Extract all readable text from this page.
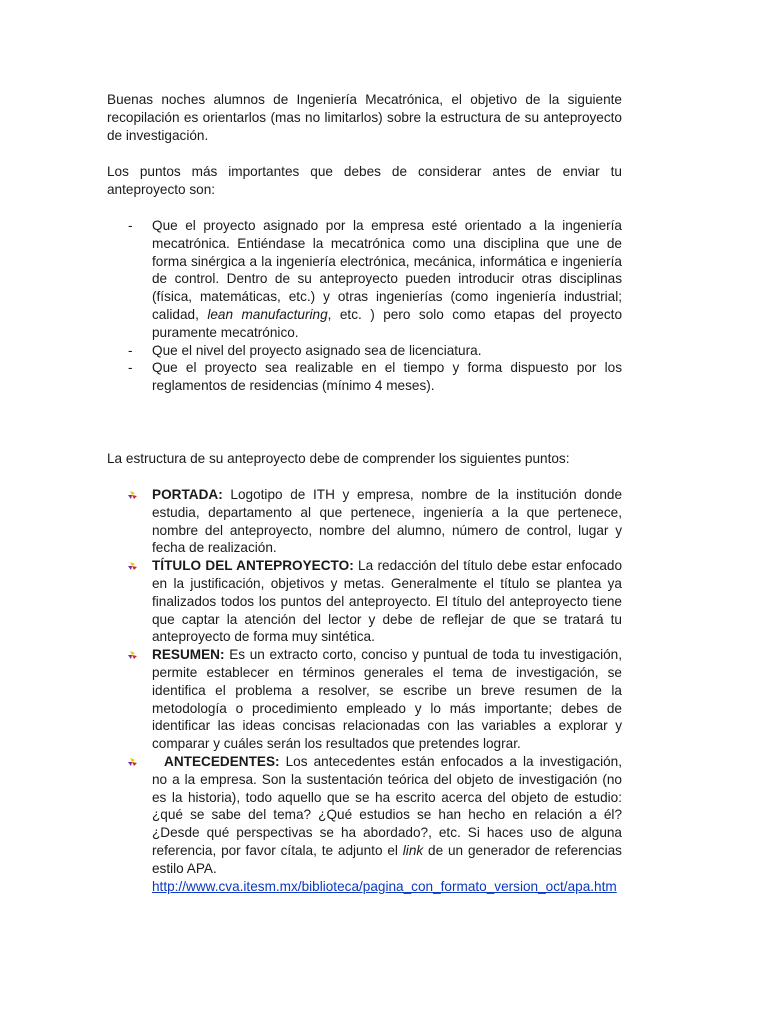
Buenas noches alumnos de Ingeniería Mecatrónica, el objetivo de la siguiente recopilación es orientarlos (mas no limitarlos) sobre la estructura de su anteproyecto de investigación.

Los puntos más importantes que debes de considerar antes de enviar tu anteproyecto son:

- Que el proyecto asignado por la empresa esté orientado a la ingeniería mecatrónica. Entiéndase la mecatrónica como una disciplina que une de forma sinérgica a la ingeniería electrónica, mecánica, informática e ingeniería de control. Dentro de su anteproyecto pueden introducir otras disciplinas (física, matemáticas, etc.) y otras ingenierías (como ingeniería industrial; calidad, lean manufacturing, etc. ) pero solo como etapas del proyecto puramente mecatrónico.
- Que el nivel del proyecto asignado sea de licenciatura.
- Que el proyecto sea realizable en el tiempo y forma dispuesto por los reglamentos de residencias (mínimo 4 meses).

La estructura de su anteproyecto debe de comprender los siguientes puntos:

PORTADA: Logotipo de ITH y empresa, nombre de la institución donde estudia, departamento al que pertenece, ingeniería a la que pertenece, nombre del anteproyecto, nombre del alumno, número de control, lugar y fecha de realización.
TÍTULO DEL ANTEPROYECTO: La redacción del título debe estar enfocado en la justificación, objetivos y metas. Generalmente el título se plantea ya finalizados todos los puntos del anteproyecto. El título del anteproyecto tiene que captar la atención del lector y debe de reflejar de que se tratará tu anteproyecto de forma muy sintética.
RESUMEN: Es un extracto corto, conciso y puntual de toda tu investigación, permite establecer en términos generales el tema de investigación, se identifica el problema a resolver, se escribe un breve resumen de la metodología o procedimiento empleado y lo más importante; debes de identificar las ideas concisas relacionadas con las variables a explorar y comparar y cuáles serán los resultados que pretendes lograr.
ANTECEDENTES: Los antecedentes están enfocados a la investigación, no a la empresa. Son la sustentación teórica del objeto de investigación (no es la historia), todo aquello que se ha escrito acerca del objeto de estudio: ¿qué se sabe del tema? ¿Qué estudios se han hecho en relación a él? ¿Desde qué perspectivas se ha abordado?, etc. Si haces uso de alguna referencia, por favor cítala, te adjunto el link de un generador de referencias estilo APA.
http://www.cva.itesm.mx/biblioteca/pagina_con_formato_version_oct/apa.htm
